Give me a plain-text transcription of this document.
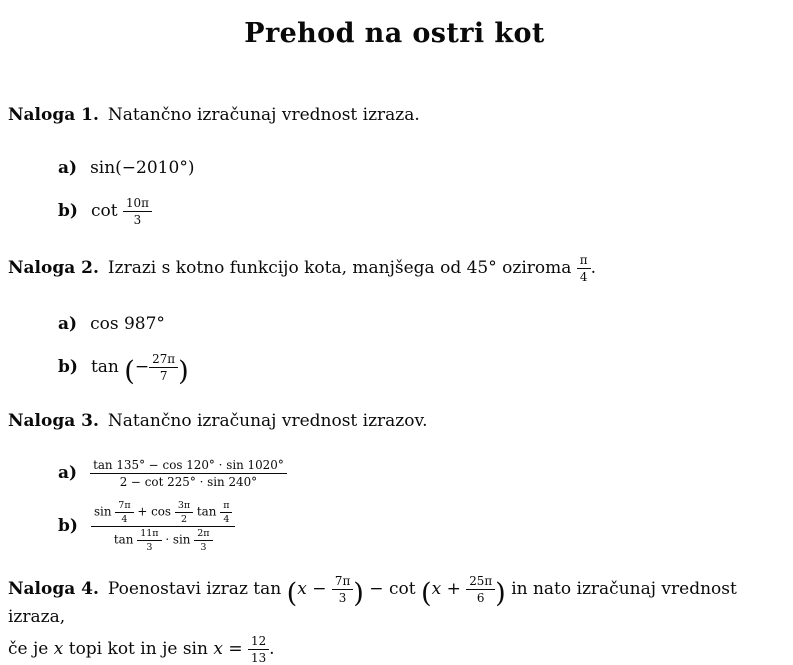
Prehod na ostri kot

Naloga 1. Natančno izračunaj vrednost izraza.

a) sin(−2010°)
b) $\cot \frac{10\pi}{3}$

Naloga 2. Izrazi s kotno funkcijo kota, manjšega od 45° oziroma $\frac{\pi}{4}$ .

a) cos 987°
b) tan (− $\frac{27\pi}{7}$ )

Naloga 3. Natančno izračunaj vrednost izrazov.

$a) \frac{\tan 135^\circ - \cos 120^\circ \cdot \sin 1020^\circ}{2 - \cot 225^\circ \cdot \sin 240^\circ}$
b)
$\sin \frac{7\pi}{4} + \cos \frac{3\pi}{2}$ $\tan \frac{\pi}{4}$
$\tan \frac{11\pi}{3} \cdot \sin \frac{2\pi}{3}$

Naloga 4. Poenostavi izraz $\tan (x - \frac{7\pi}{3}$ ) − $\cot (x + \frac{25\pi}{6}$ ) in nato izračunaj vrednost izraza,

če je x topi kot in je $\sin x = \frac{12}{13}$ .
